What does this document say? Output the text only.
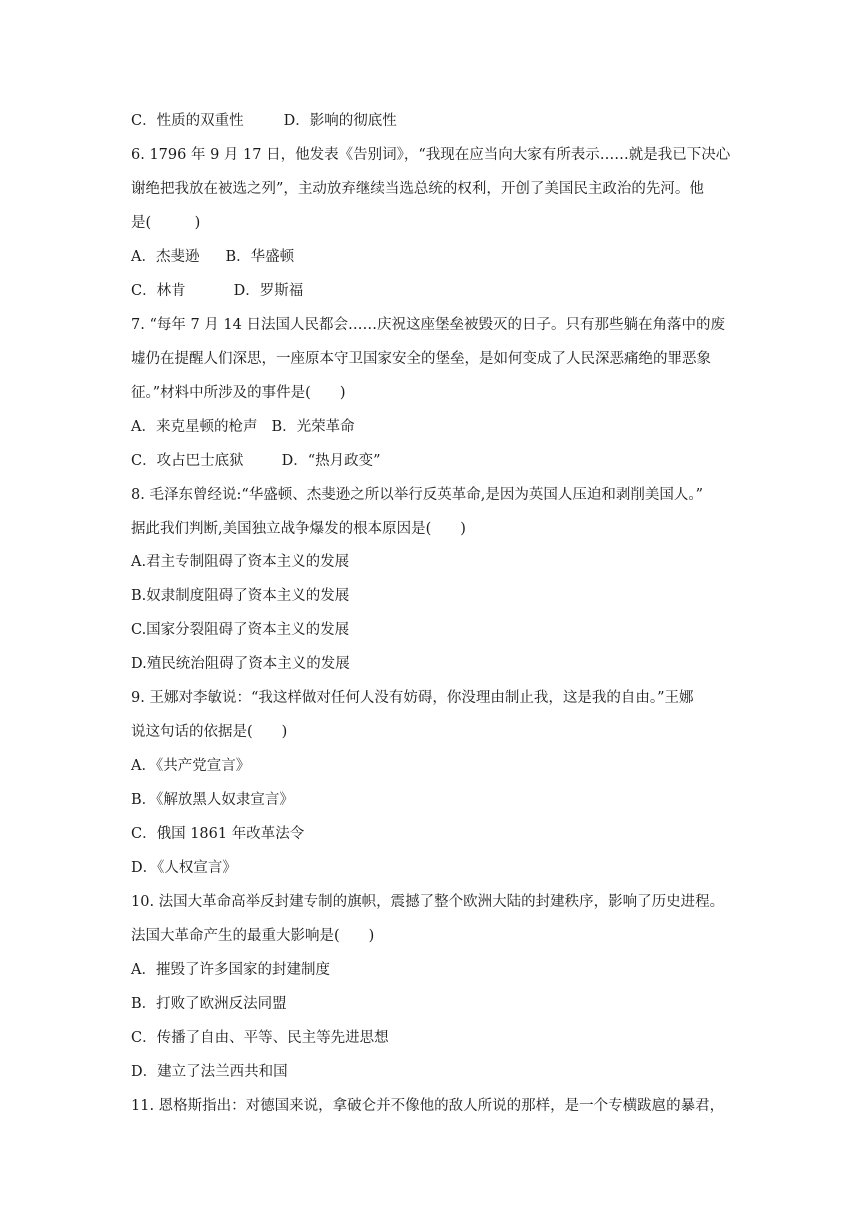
C．性质的双重性	D．影响的彻底性
6. 1796 年 9 月 17 日，他发表《告别词》，“我现在应当向大家有所表示……就是我已下决心
谢绝把我放在被选之列”，主动放弃继续当选总统的权利，开创了美国民主政治的先河。他
是(　　　)
A．杰斐逊 B．华盛顿
C．林肯	D．罗斯福
7. “每年 7 月 14 日法国人民都会……庆祝这座堡垒被毁灭的日子。只有那些躺在角落中的废
墟仍在提醒人们深思，一座原本守卫国家安全的堡垒，是如何变成了人民深恶痛绝的罪恶象
征。”材料中所涉及的事件是(　　)
A．来克星顿的枪声 B．光荣革命
C．攻占巴士底狱	D．“热月政变”
8. 毛泽东曾经说:“华盛顿、杰斐逊之所以举行反英革命,是因为英国人压迫和剥削美国人。”
据此我们判断,美国独立战争爆发的根本原因是(　　)
A.君主专制阻碍了资本主义的发展
B.奴隶制度阻碍了资本主义的发展
C.国家分裂阻碍了资本主义的发展
D.殖民统治阻碍了资本主义的发展
9. 王娜对李敏说：“我这样做对任何人没有妨碍，你没理由制止我，这是我的自由。”王娜
说这句话的依据是(　　)
A．《共产党宣言》
B．《解放黑人奴隶宣言》
C．俄国 1861 年改革法令
D．《人权宣言》
10. 法国大革命高举反封建专制的旗帜，震撼了整个欧洲大陆的封建秩序，影响了历史进程。
法国大革命产生的最重大影响是(　　)
A．摧毁了许多国家的封建制度
B．打败了欧洲反法同盟
C．传播了自由、平等、民主等先进思想
D．建立了法兰西共和国
11. 恩格斯指出：对德国来说，拿破仑并不像他的敌人所说的那样，是一个专横跋扈的暴君，
